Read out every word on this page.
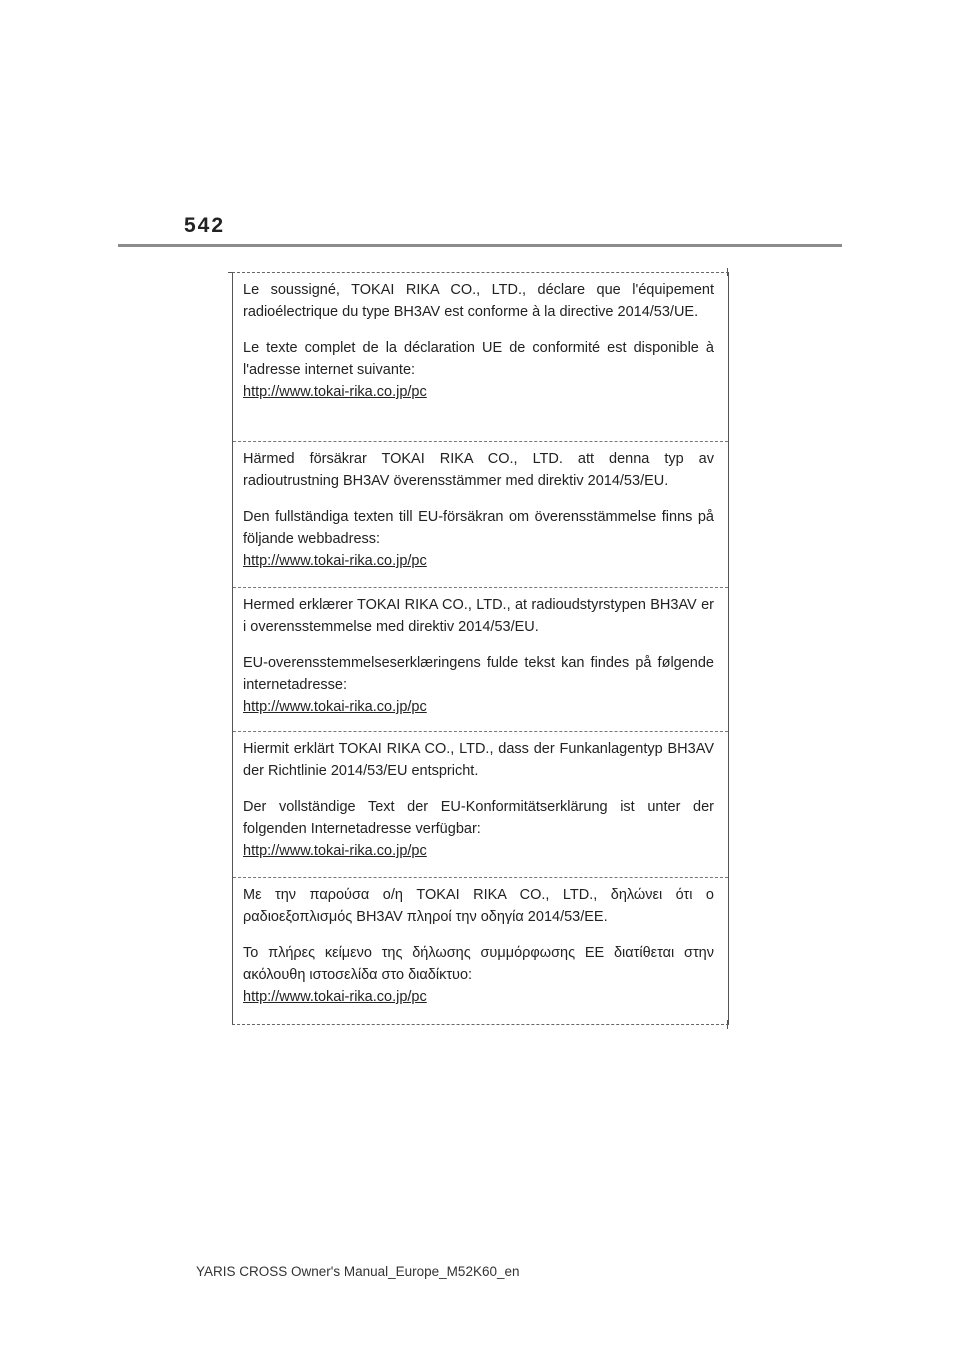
542

Le soussigné, TOKAI RIKA CO., LTD., déclare que l'équipement radioélectrique du type BH3AV est conforme à la directive 2014/53/UE.

Le texte complet de la déclaration UE de conformité est disponible à l'adresse internet suivante:

http://www.tokai-rika.co.jp/pc

Härmed försäkrar TOKAI RIKA CO., LTD. att denna typ av radioutrustning BH3AV överensstämmer med direktiv 2014/53/EU.

Den fullständiga texten till EU-försäkran om överensstämmelse finns på följande webbadress:

http://www.tokai-rika.co.jp/pc

Hermed erklærer TOKAI RIKA CO., LTD., at radioudstyrstypen BH3AV er i overensstemmelse med direktiv 2014/53/EU.

EU-overensstemmelseserklæringens fulde tekst kan findes på følgende internetadresse:

http://www.tokai-rika.co.jp/pc

Hiermit erklärt TOKAI RIKA CO., LTD., dass der Funkanlagentyp BH3AV der Richtlinie 2014/53/EU entspricht.

Der vollständige Text der EU-Konformitätserklärung ist unter der folgenden Internetadresse verfügbar:

http://www.tokai-rika.co.jp/pc

Με την παρούσα ο/η TOKAI RIKA CO., LTD., δηλώνει ότι ο ραδιοεξοπλισμός BH3AV πληροί την οδηγία 2014/53/ΕΕ.

Το πλήρες κείμενο της δήλωσης συμμόρφωσης ΕΕ διατίθεται στην ακόλουθη ιστοσελίδα στο διαδίκτυο:

http://www.tokai-rika.co.jp/pc
YARIS CROSS Owner's Manual_Europe_M52K60_en
